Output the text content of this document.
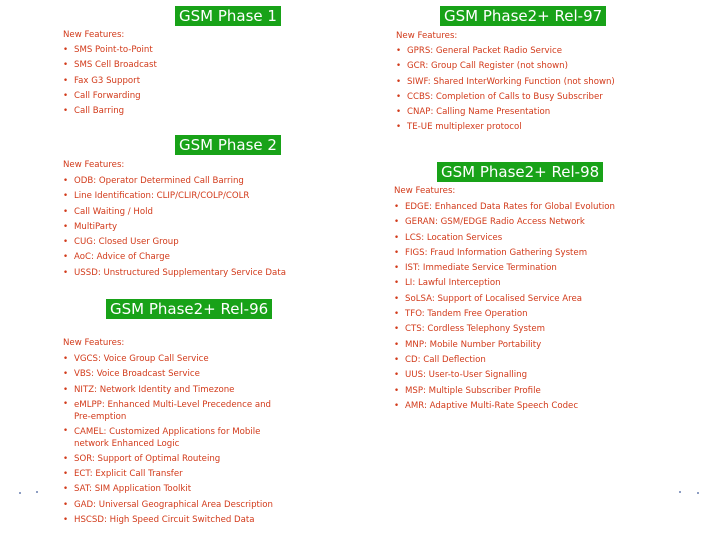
GSM Phase 1
New Features:
• SMS Point-to-Point
• SMS Cell Broadcast
• Fax G3 Support
• Call Forwarding
• Call Barring
GSM Phase 2
New Features:
• ODB: Operator Determined Call Barring
• Line Identification: CLIP/CLIR/COLP/COLR
• Call Waiting / Hold
• MultiParty
• CUG: Closed User Group
• AoC: Advice of Charge
• USSD: Unstructured Supplementary Service Data
GSM Phase2+ Rel-96
New Features:
• VGCS: Voice Group Call Service
• VBS: Voice Broadcast Service
• NITZ: Network Identity and Timezone
• eMLPP: Enhanced Multi-Level Precedence and Pre-emption
• CAMEL: Customized Applications for Mobile network Enhanced Logic
• SOR: Support of Optimal Routeing
• ECT: Explicit Call Transfer
• SAT: SIM Application Toolkit
• GAD: Universal Geographical Area Description
• HSCSD: High Speed Circuit Switched Data
GSM Phase2+ Rel-97
New Features:
• GPRS: General Packet Radio Service
• GCR: Group Call Register (not shown)
• SIWF: Shared InterWorking Function (not shown)
• CCBS: Completion of Calls to Busy Subscriber
• CNAP: Calling Name Presentation
• TE-UE multiplexer protocol
GSM Phase2+ Rel-98
New Features:
• EDGE: Enhanced Data Rates for Global Evolution
• GERAN: GSM/EDGE Radio Access Network
• LCS: Location Services
• FIGS: Fraud Information Gathering System
• IST: Immediate Service Termination
• LI: Lawful Interception
• SoLSA: Support of Localised Service Area
• TFO: Tandem Free Operation
• CTS: Cordless Telephony System
• MNP: Mobile Number Portability
• CD: Call Deflection
• UUS: User-to-User Signalling
• MSP: Multiple Subscriber Profile
• AMR: Adaptive Multi-Rate Speech Codec
